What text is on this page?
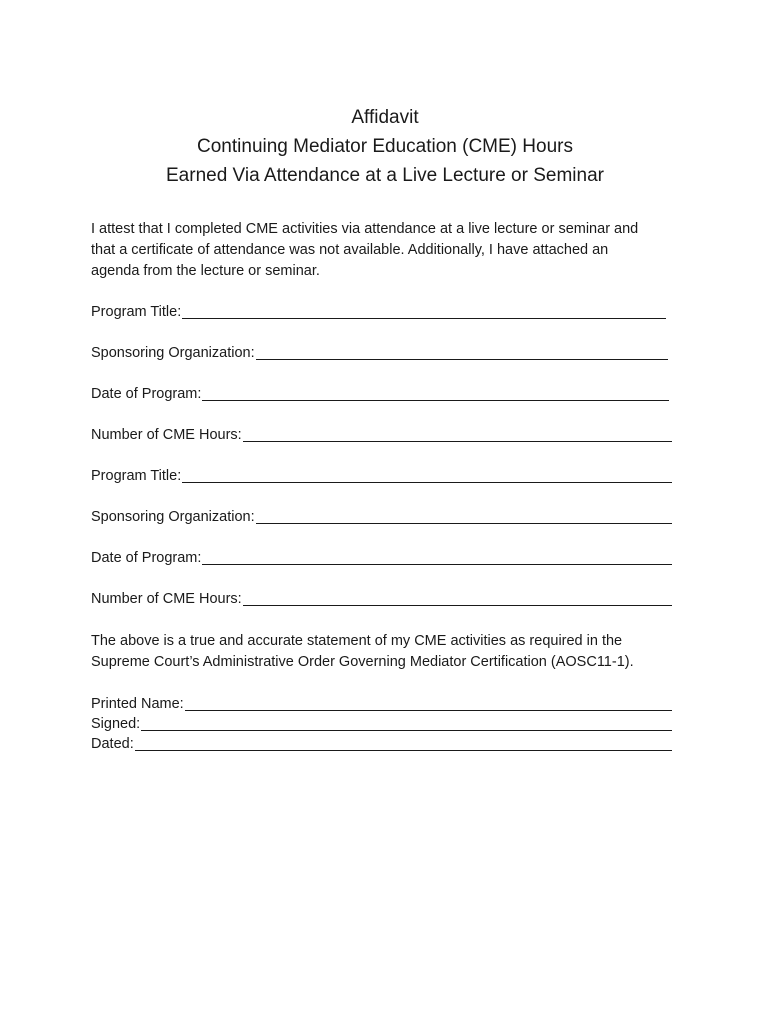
Affidavit
Continuing Mediator Education (CME) Hours
Earned Via Attendance at a Live Lecture or Seminar
I attest that I completed CME activities via attendance at a live lecture or seminar and
that a certificate of attendance was not available. Additionally, I have attached an
agenda from the lecture or seminar.
Program Title:
Sponsoring Organization:
Date of Program:
Number of CME Hours:
Program Title:
Sponsoring Organization:
Date of Program:
Number of CME Hours:
The above is a true and accurate statement of my CME activities as required in the
Supreme Court’s Administrative Order Governing Mediator Certification (AOSC11-1).
Printed Name:
Signed:
Dated:
